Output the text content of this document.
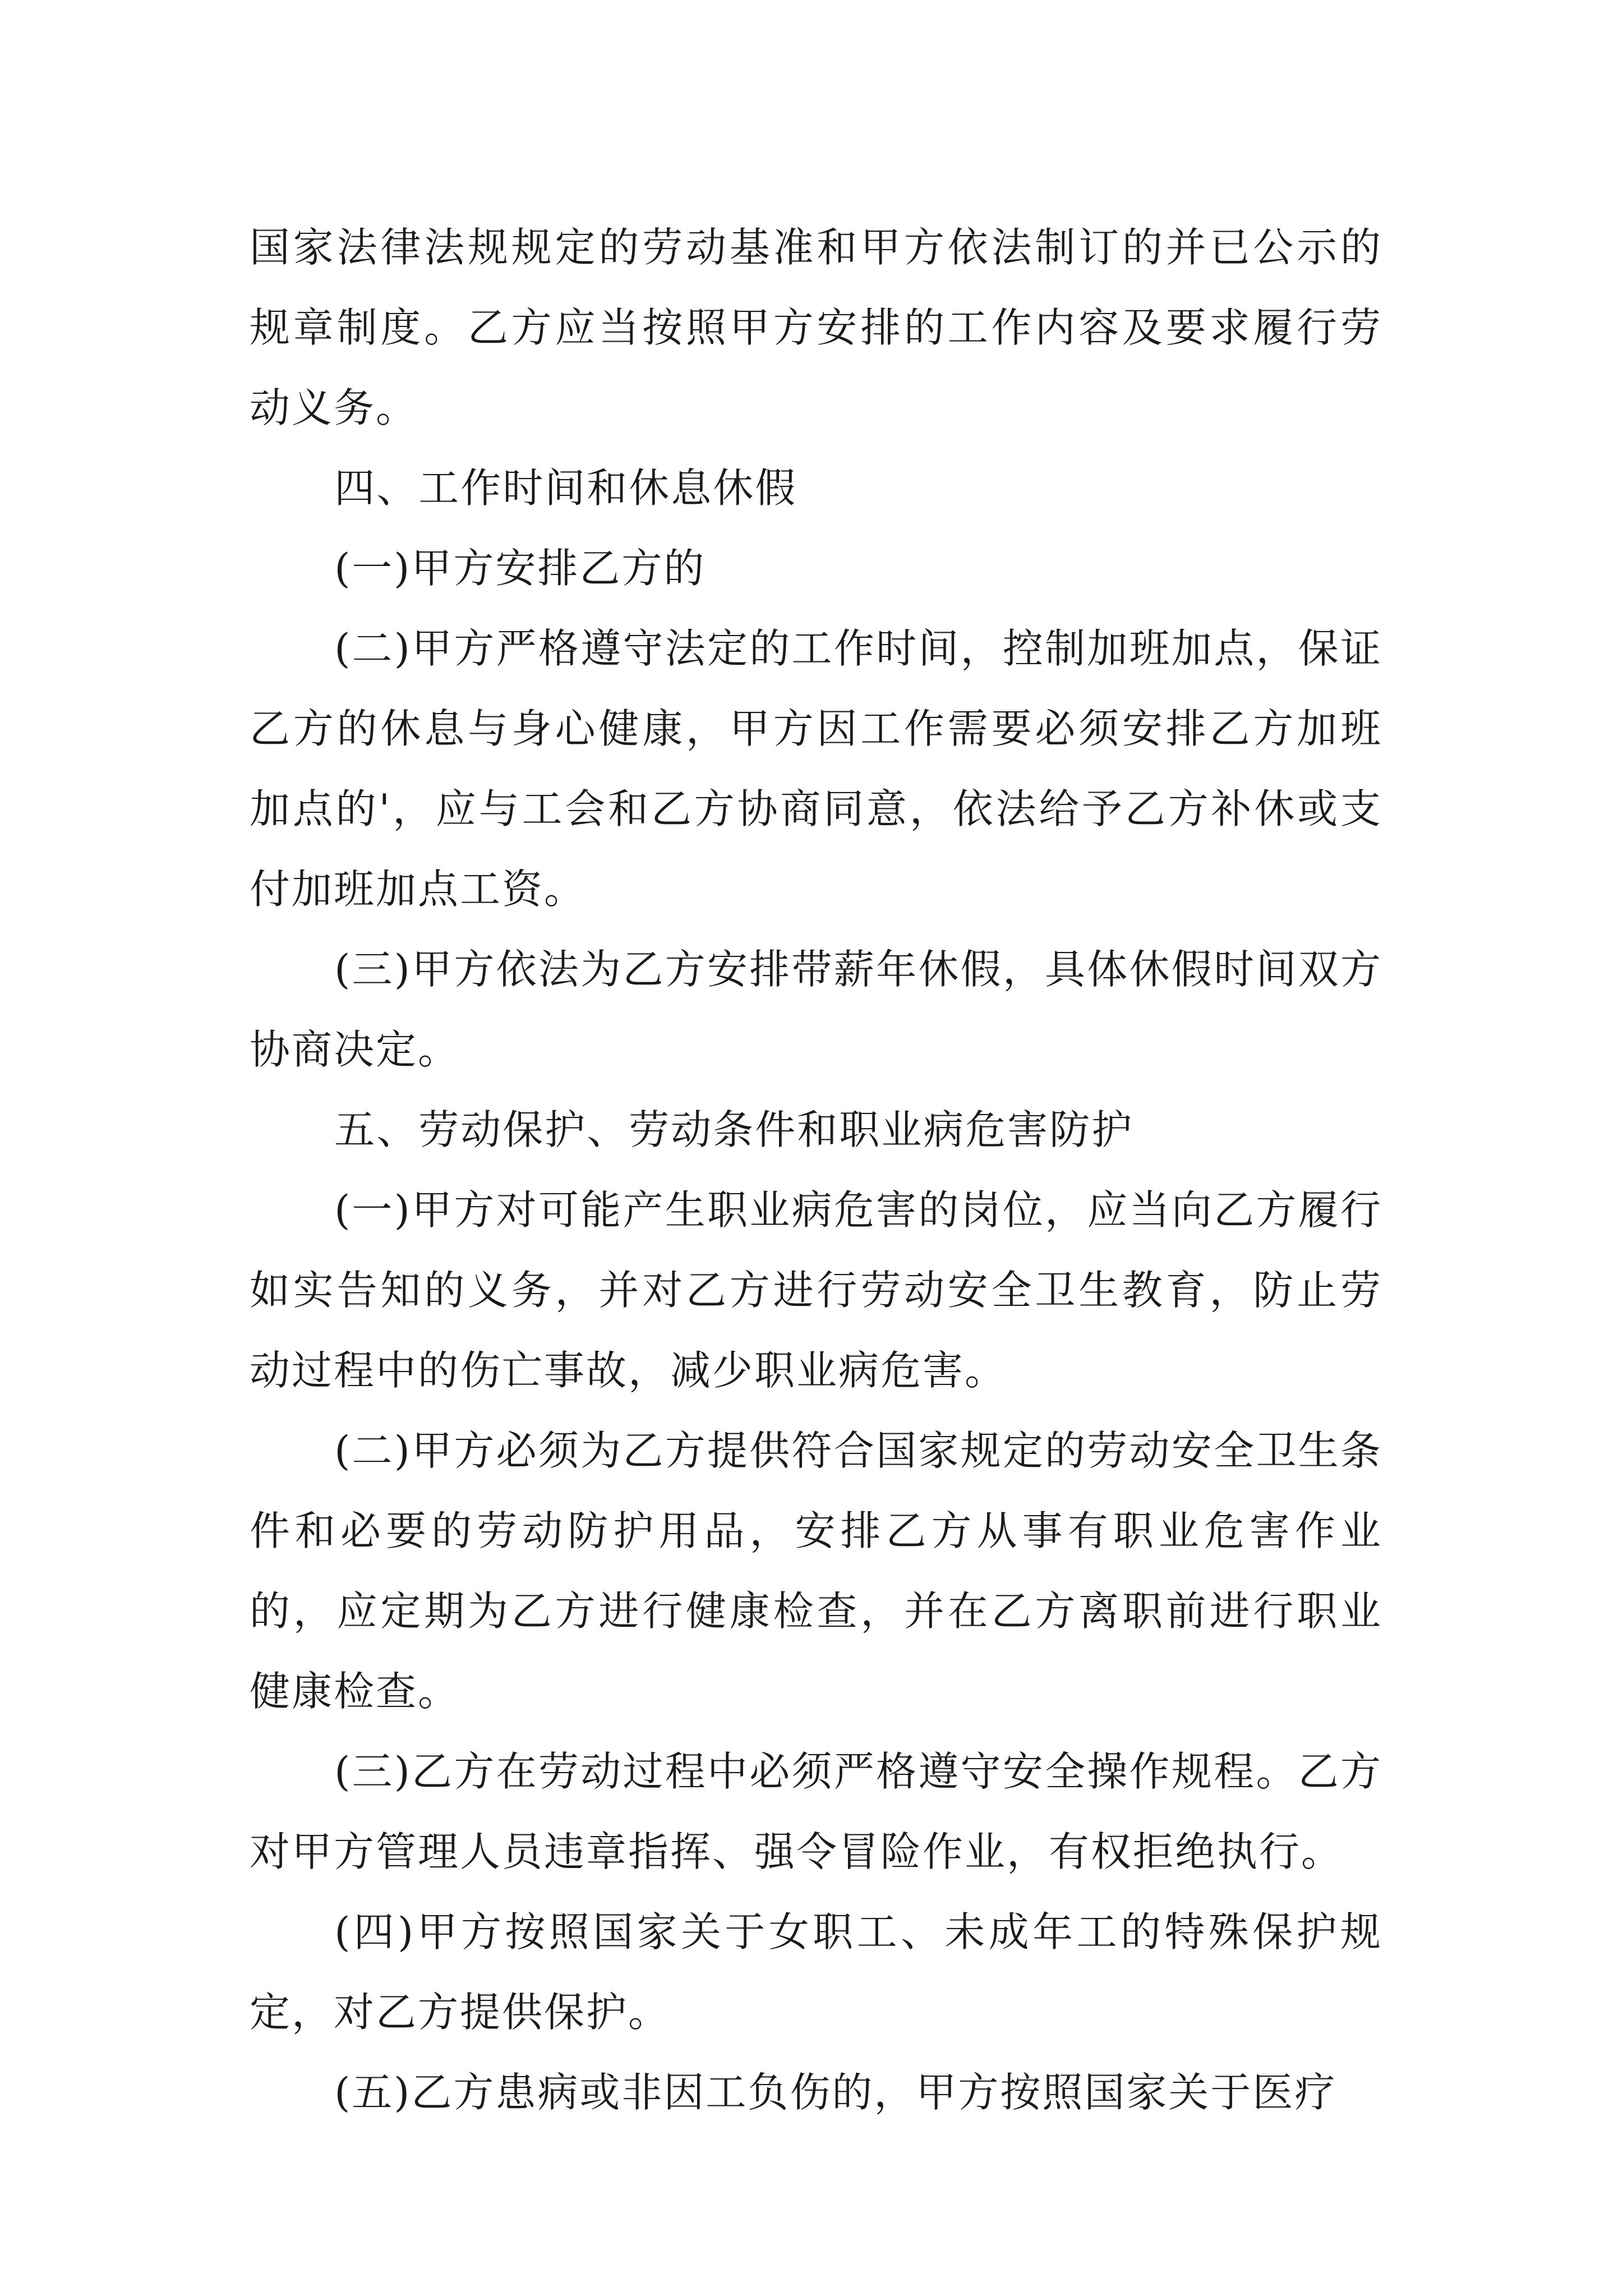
国家法律法规规定的劳动基准和甲方依法制订的并已公示的规章制度。乙方应当按照甲方安排的工作内容及要求履行劳动义务。

四、工作时间和休息休假

(一)甲方安排乙方的

(二)甲方严格遵守法定的工作时间，控制加班加点，保证乙方的休息与身心健康，甲方因工作需要必须安排乙方加班加点的'，应与工会和乙方协商同意，依法给予乙方补休或支付加班加点工资。

(三)甲方依法为乙方安排带薪年休假，具体休假时间双方协商决定。

五、劳动保护、劳动条件和职业病危害防护

(一)甲方对可能产生职业病危害的岗位，应当向乙方履行如实告知的义务，并对乙方进行劳动安全卫生教育，防止劳动过程中的伤亡事故，减少职业病危害。

(二)甲方必须为乙方提供符合国家规定的劳动安全卫生条件和必要的劳动防护用品，安排乙方从事有职业危害作业的，应定期为乙方进行健康检查，并在乙方离职前进行职业健康检查。

(三)乙方在劳动过程中必须严格遵守安全操作规程。乙方对甲方管理人员违章指挥、强令冒险作业，有权拒绝执行。

(四)甲方按照国家关于女职工、未成年工的特殊保护规定，对乙方提供保护。

(五)乙方患病或非因工负伤的，甲方按照国家关于医疗
